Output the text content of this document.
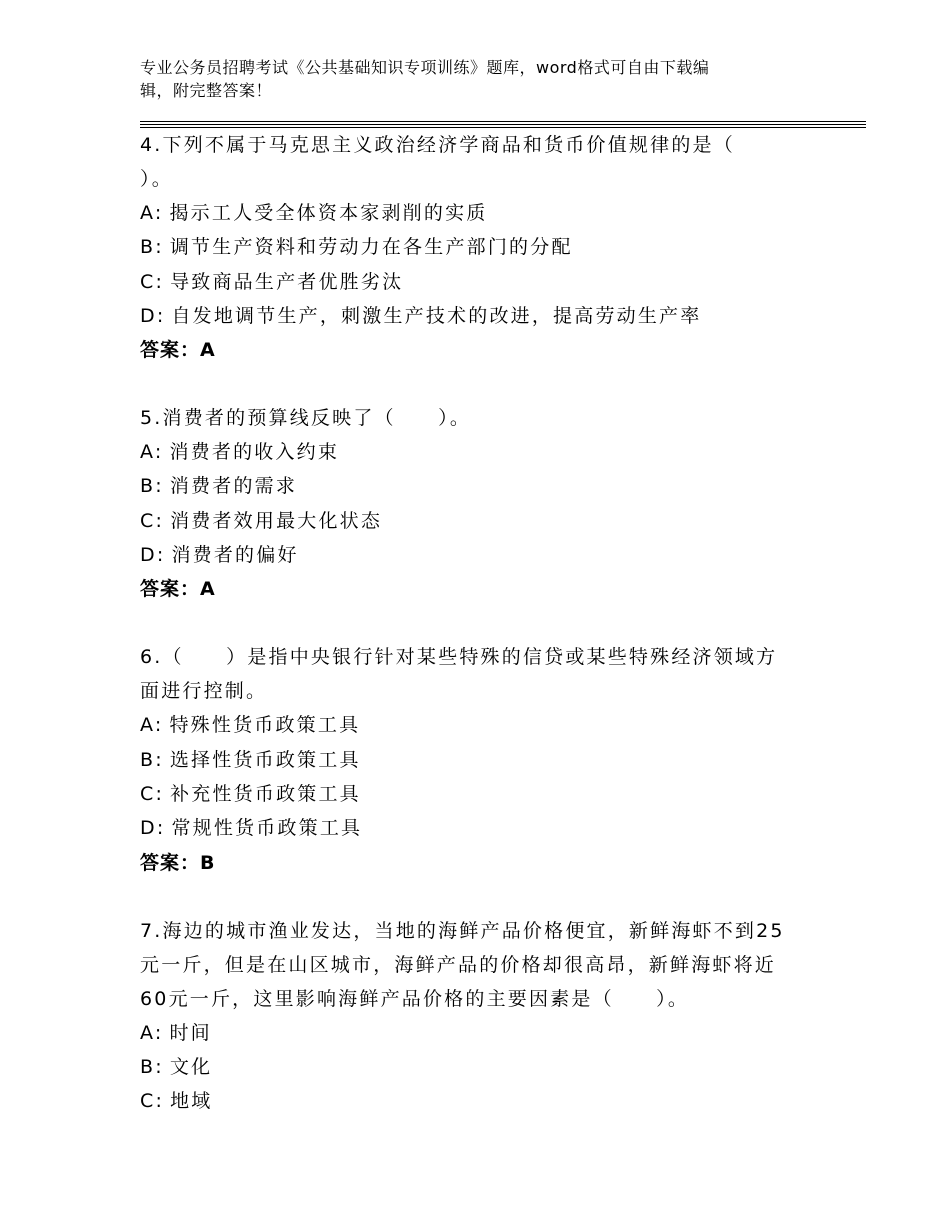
专业公务员招聘考试《公共基础知识专项训练》题库，word格式可自由下载编
辑，附完整答案！

4.下列不属于马克思主义政治经济学商品和货币价值规律的是（

）。

A: 揭示工人受全体资本家剥削的实质

B: 调节生产资料和劳动力在各生产部门的分配

C: 导致商品生产者优胜劣汰

D: 自发地调节生产，刺激生产技术的改进，提高劳动生产率

答案：A

5.消费者的预算线反映了（　　）。

A: 消费者的收入约束

B: 消费者的需求

C: 消费者效用最大化状态

D: 消费者的偏好

答案：A

6.（　　）是指中央银行针对某些特殊的信贷或某些特殊经济领域方

面进行控制。

A: 特殊性货币政策工具

B: 选择性货币政策工具

C: 补充性货币政策工具

D: 常规性货币政策工具

答案：B

7.海边的城市渔业发达，当地的海鲜产品价格便宜，新鲜海虾不到25

元一斤，但是在山区城市，海鲜产品的价格却很高昂，新鲜海虾将近

60元一斤，这里影响海鲜产品价格的主要因素是（　　）。

A: 时间

B: 文化

C: 地域
